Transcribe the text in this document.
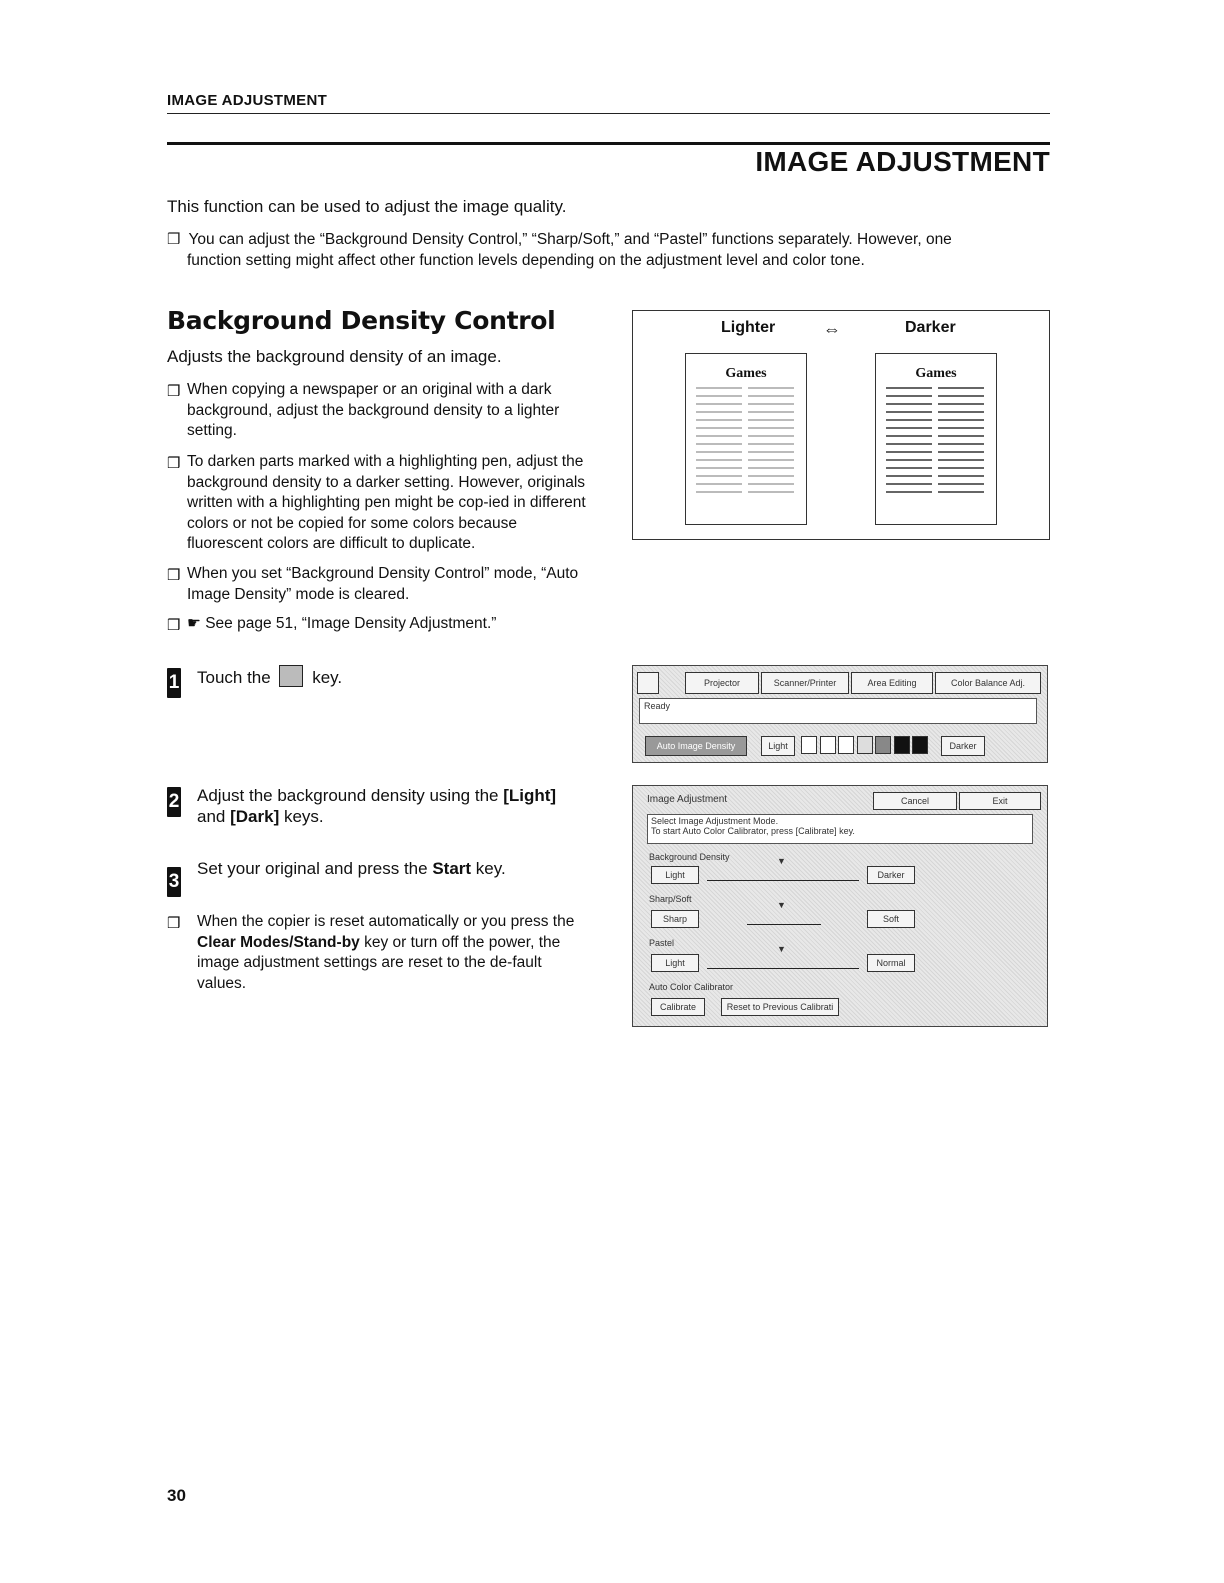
IMAGE ADJUSTMENT
IMAGE ADJUSTMENT
This function can be used to adjust the image quality.
❒ You can adjust the “Background Density Control,” “Sharp/Soft,” and “Pastel” functions separately. However, one
function setting might affect other function levels depending on the adjustment level and color tone.
Background Density Control
Adjusts the background density of an image.
❒ When copying a newspaper or an original with a dark background, adjust the background density to a lighter setting.
❒ To darken parts marked with a highlighting pen, adjust the background density to a darker setting. However, originals written with a highlighting pen might be cop-ied in different colors or not be copied for some colors because fluorescent colors are difficult to duplicate.
❒ When you set “Background Density Control” mode, “Auto Image Density” mode is cleared.
❒ ☛ See page 51, “Image Density Adjustment.”
Lighter	⇔	Darker
Games	Games
1 Touch the key.
2 Adjust the background density using the [Light] and [Dark] keys.
3
Set your original and press the Start key.
❒ When the copier is reset automatically or you press the Clear Modes/Stand-by key or turn off the power, the image adjustment settings are reset to the de-fault values.
Projector	Scanner/Printer	Area Editing	Color Balance Adj.
Ready
Auto Image Density	Light
	Darker
Image Adjustment	Cancel	Exit
Select Image Adjustment Mode.
To start Auto Color Calibrator, press [Calibrate] key.
Background Density
Light
▼
Darker
Sharp/Soft
Sharp
▼
Soft
Pastel
Light
▼
Normal
Auto Color Calibrator
Calibrate	Reset to Previous Calibrati
30
